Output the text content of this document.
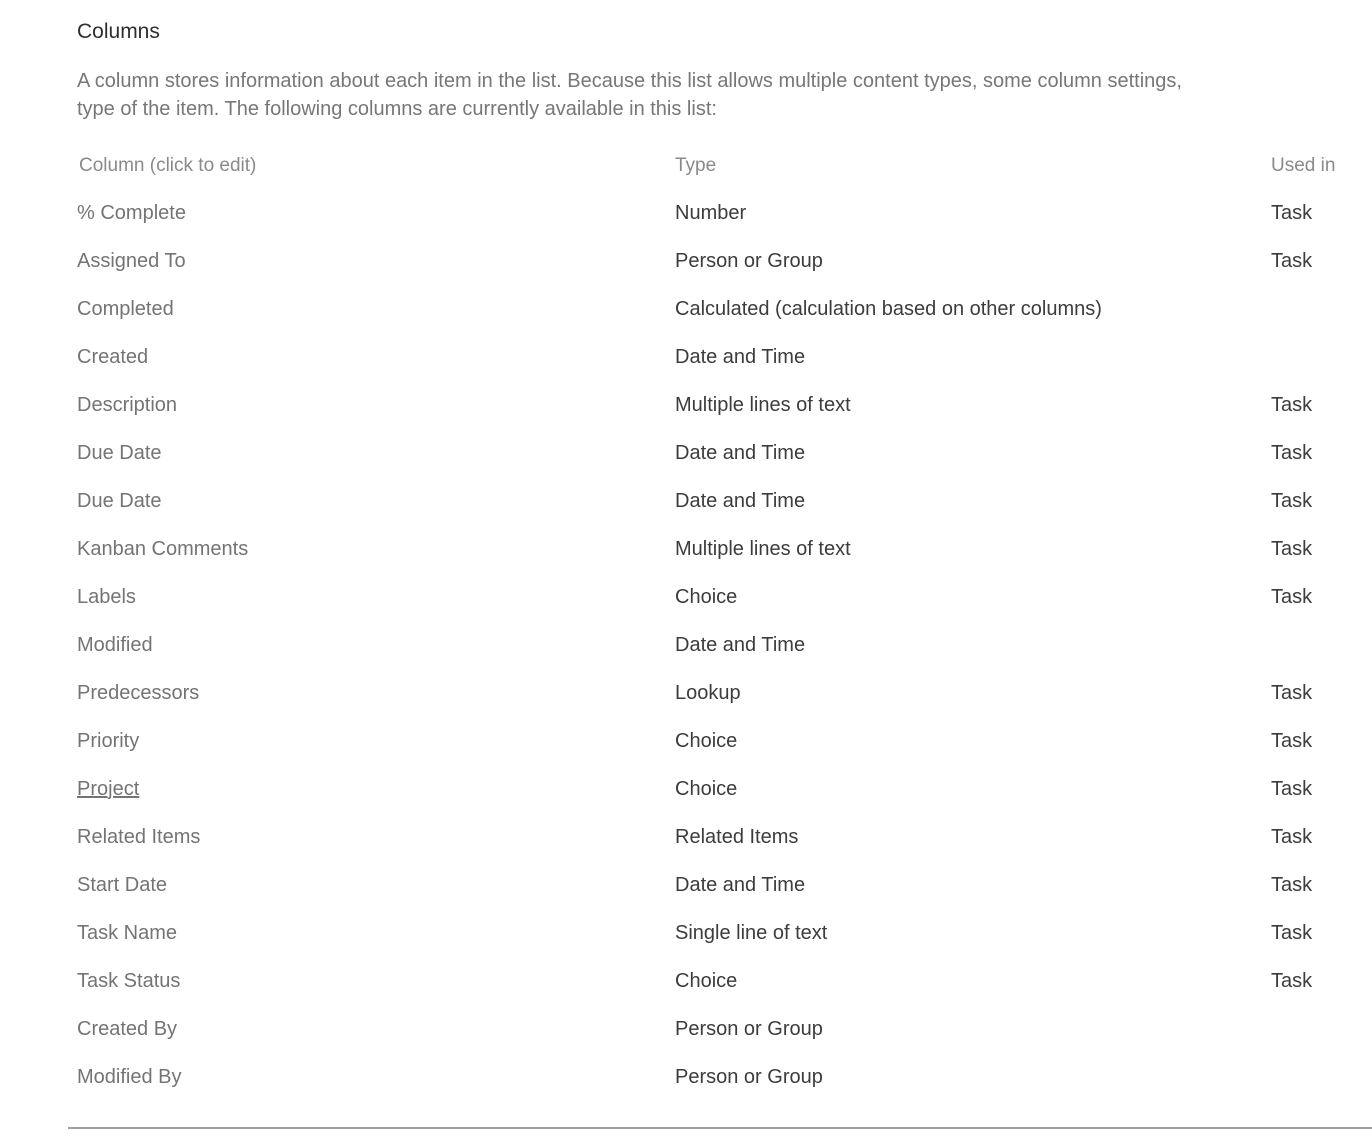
Columns
A column stores information about each item in the list. Because this list allows multiple content types, some column settings,
type of the item. The following columns are currently available in this list:
Column (click to edit)	Type	Used in
% Complete	Number	Task
Assigned To	Person or Group	Task
Completed	Calculated (calculation based on other columns)	
Created	Date and Time	
Description	Multiple lines of text	Task
Due Date	Date and Time	Task
Due Date	Date and Time	Task
Kanban Comments	Multiple lines of text	Task
Labels	Choice	Task
Modified	Date and Time	
Predecessors	Lookup	Task
Priority	Choice	Task
Project	Choice	Task
Related Items	Related Items	Task
Start Date	Date and Time	Task
Task Name	Single line of text	Task
Task Status	Choice	Task
Created By	Person or Group	
Modified By	Person or Group	
